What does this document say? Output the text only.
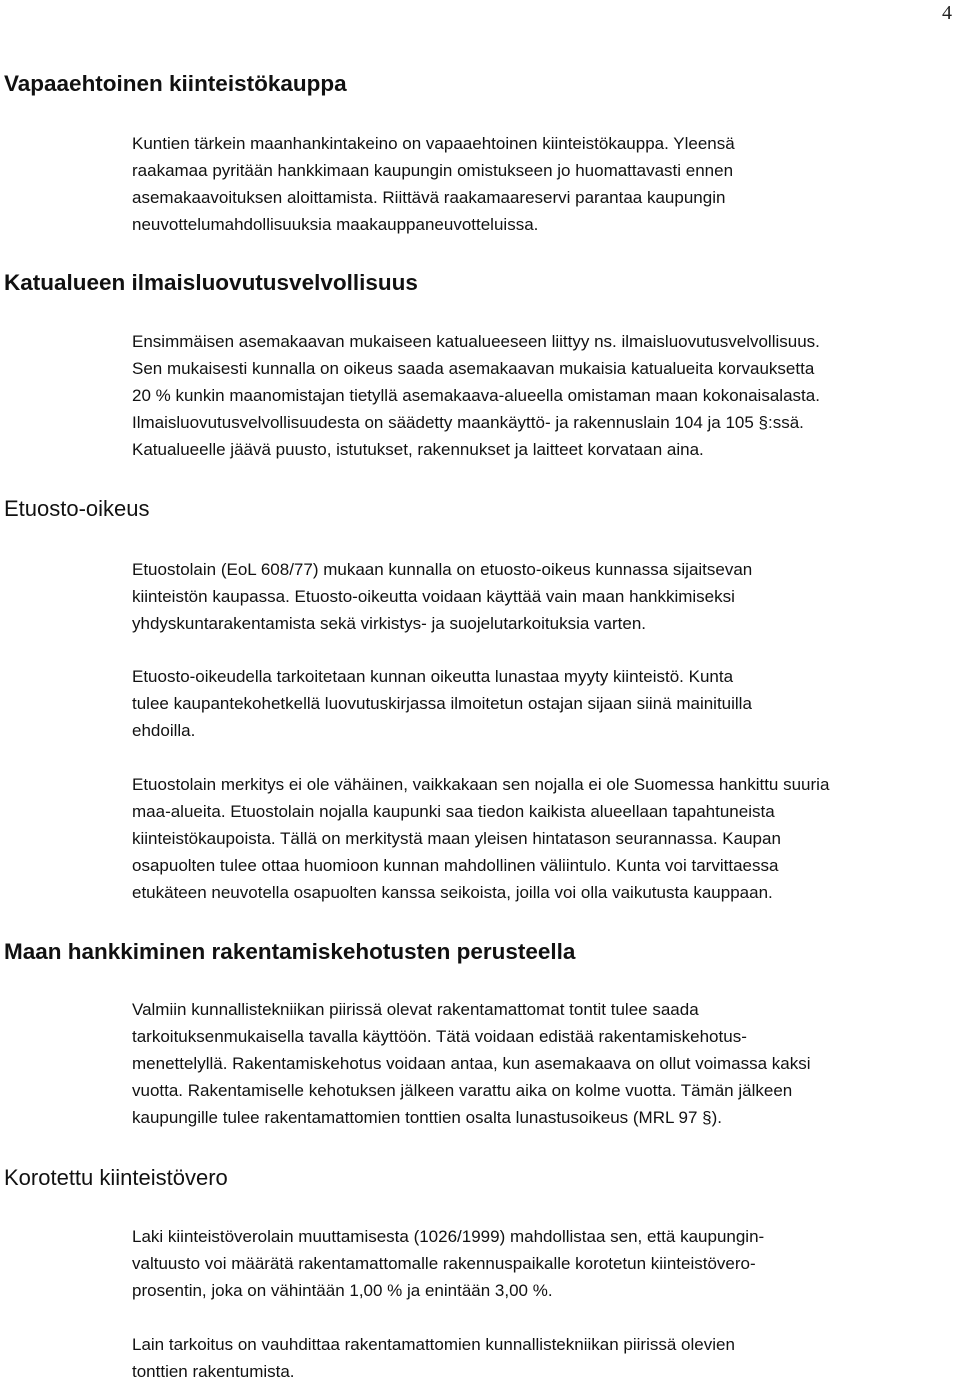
4
Vapaaehtoinen kiinteistökauppa
Kuntien tärkein maanhankintakeino on vapaaehtoinen kiinteistökauppa. Yleensä
raakamaa pyritään hankkimaan kaupungin omistukseen jo huomattavasti ennen
asemakaavoituksen aloittamista. Riittävä raakamaareservi parantaa kaupungin
neuvottelumahdollisuuksia maakauppaneuvotteluissa.
Katualueen ilmaisluovutusvelvollisuus
Ensimmäisen asemakaavan mukaiseen katualueeseen liittyy ns. ilmaisluovutusvelvollisuus.
Sen mukaisesti kunnalla on oikeus saada asemakaavan mukaisia katualueita korvauksetta
20 % kunkin maanomistajan tietyllä asemakaava-alueella omistaman maan kokonaisalasta.
Ilmaisluovutusvelvollisuudesta on säädetty maankäyttö- ja rakennuslain 104 ja 105 §:ssä.
Katualueelle jäävä puusto, istutukset, rakennukset ja laitteet korvataan aina.
Etuosto-oikeus
Etuostolain (EoL 608/77) mukaan kunnalla on etuosto-oikeus kunnassa sijaitsevan
kiinteistön kaupassa. Etuosto-oikeutta voidaan käyttää vain maan hankkimiseksi
yhdyskuntarakentamista sekä virkistys- ja suojelutarkoituksia varten.
Etuosto-oikeudella tarkoitetaan kunnan oikeutta lunastaa myyty kiinteistö. Kunta
tulee kaupantekohetkellä luovutuskirjassa ilmoitetun ostajan sijaan siinä mainituilla
ehdoilla.
Etuostolain merkitys ei ole vähäinen, vaikkakaan sen nojalla ei ole Suomessa hankittu suuria
maa-alueita. Etuostolain nojalla kaupunki saa tiedon kaikista alueellaan tapahtuneista
kiinteistökaupoista. Tällä on merkitystä maan yleisen hintatason seurannassa. Kaupan
osapuolten tulee ottaa huomioon kunnan mahdollinen väliintulo. Kunta voi tarvittaessa
etukäteen neuvotella osapuolten kanssa seikoista, joilla voi olla vaikutusta kauppaan.
Maan hankkiminen rakentamiskehotusten perusteella
Valmiin kunnallistekniikan piirissä olevat rakentamattomat tontit tulee saada
tarkoituksenmukaisella tavalla käyttöön. Tätä voidaan edistää rakentamiskehotus-
menettelyllä. Rakentamiskehotus voidaan antaa, kun asemakaava on ollut voimassa kaksi
vuotta. Rakentamiselle kehotuksen jälkeen varattu aika on kolme vuotta. Tämän jälkeen
kaupungille tulee rakentamattomien tonttien osalta lunastusoikeus (MRL 97 §).
Korotettu kiinteistövero
Laki kiinteistöverolain muuttamisesta (1026/1999) mahdollistaa sen, että kaupungin-
valtuusto voi määrätä rakentamattomalle rakennuspaikalle korotetun kiinteistövero-
prosentin, joka on vähintään 1,00 % ja enintään 3,00 %.
Lain tarkoitus on vauhdittaa rakentamattomien kunnallistekniikan piirissä olevien
tonttien rakentumista.
